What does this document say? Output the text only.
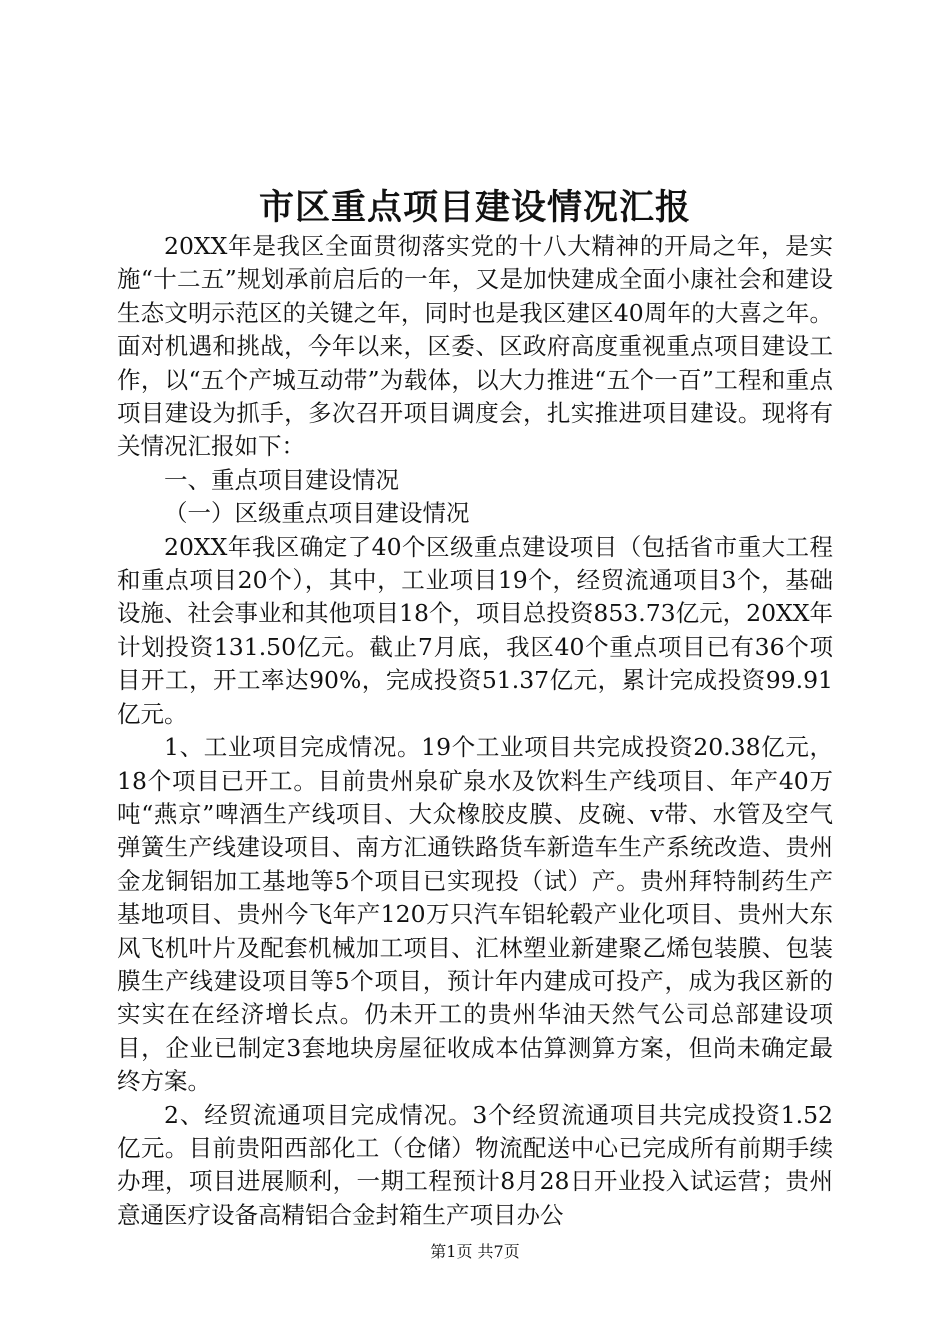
市区重点项目建设情况汇报

20XX年是我区全面贯彻落实党的十八大精神的开局之年，是实施“十二五”规划承前启后的一年，又是加快建成全面小康社会和建设生态文明示范区的关键之年，同时也是我区建区40周年的大喜之年。面对机遇和挑战，今年以来，区委、区政府高度重视重点项目建设工作，以“五个产城互动带”为载体，以大力推进“五个一百”工程和重点项目建设为抓手，多次召开项目调度会，扎实推进项目建设。现将有关情况汇报如下：

一、重点项目建设情况

（一）区级重点项目建设情况

20XX年我区确定了40个区级重点建设项目（包括省市重大工程和重点项目20个），其中，工业项目19个，经贸流通项目3个，基础设施、社会事业和其他项目18个，项目总投资853.73亿元，20XX年计划投资131.50亿元。截止7月底，我区40个重点项目已有36个项目开工，开工率达90%，完成投资51.37亿元，累计完成投资99.91亿元。

1、工业项目完成情况。19个工业项目共完成投资20.38亿元，18个项目已开工。目前贵州泉矿泉水及饮料生产线项目、年产40万吨“燕京”啤酒生产线项目、大众橡胶皮膜、皮碗、v带、水管及空气弹簧生产线建设项目、南方汇通铁路货车新造车生产系统改造、贵州金龙铜铝加工基地等5个项目已实现投（试）产。贵州拜特制药生产基地项目、贵州今飞年产120万只汽车铝轮毂产业化项目、贵州大东风飞机叶片及配套机械加工项目、汇林塑业新建聚乙烯包装膜、包装膜生产线建设项目等5个项目，预计年内建成可投产，成为我区新的实实在在经济增长点。仍未开工的贵州华油天然气公司总部建设项目，企业已制定3套地块房屋征收成本估算测算方案，但尚未确定最终方案。

2、经贸流通项目完成情况。3个经贸流通项目共完成投资1.52亿元。目前贵阳西部化工（仓储）物流配送中心已完成所有前期手续办理，项目进展顺利，一期工程预计8月28日开业投入试运营；贵州意通医疗设备高精铝合金封箱生产项目办公

第1页 共7页
